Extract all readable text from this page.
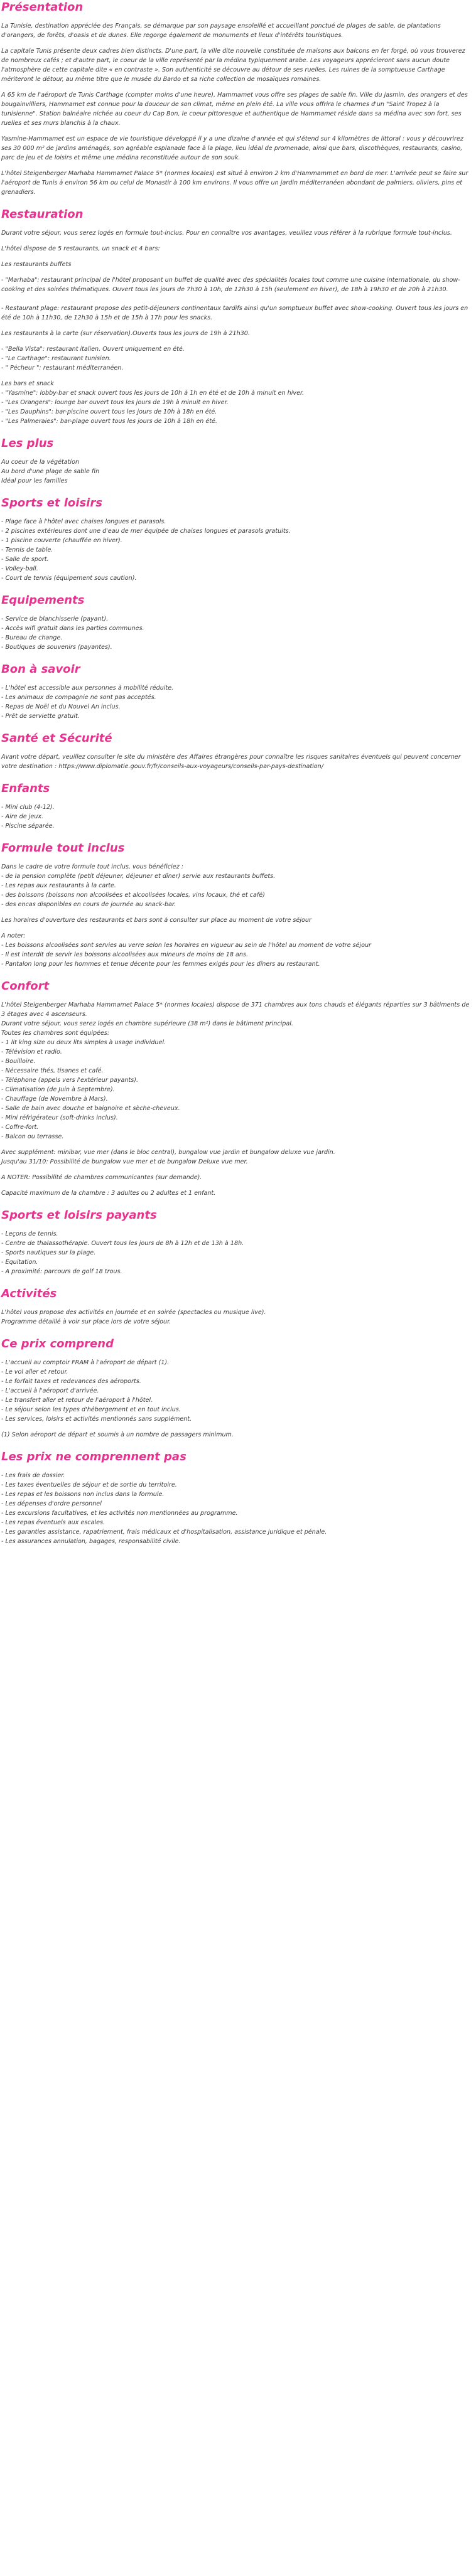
Présentation

La Tunisie, destination appréciée des Français, se démarque par son paysage ensoleillé et accueillant ponctué de plages de sable, de plantations d'orangers, de forêts, d'oasis et de dunes. Elle regorge également de monuments et lieux d'intérêts touristiques.

La capitale Tunis présente deux cadres bien distincts. D'une part, la ville dite nouvelle constituée de maisons aux balcons en fer forgé, où vous trouverez de nombreux cafés ; et d'autre part, le coeur de la ville représenté par la médina typiquement arabe. Les voyageurs apprécieront sans aucun doute l'atmosphère de cette capitale dite « en contraste ». Son authenticité se découvre au détour de ses ruelles. Les ruines de la somptueuse Carthage mériteront le détour, au même titre que le musée du Bardo et sa riche collection de mosaïques romaines.

A 65 km de l'aéroport de Tunis Carthage (compter moins d'une heure), Hammamet vous offre ses plages de sable fin. Ville du jasmin, des orangers et des bougainvilliers, Hammamet est connue pour la douceur de son climat, même en plein été. La ville vous offrira le charmes d'un "Saint Tropez à la tunisienne". Station balnéaire nichée au coeur du Cap Bon, le coeur pittoresque et authentique de Hammamet réside dans sa médina avec son fort, ses ruelles et ses murs blanchis à la chaux.

Yasmine-Hammamet est un espace de vie touristique développé il y a une dizaine d'année et qui s'étend sur 4 kilomètres de littoral : vous y découvrirez ses 30 000 m² de jardins aménagés, son agréable esplanade face à la plage, lieu idéal de promenade, ainsi que bars, discothèques, restaurants, casino, parc de jeu et de loisirs et même une médina reconstituée autour de son souk.

L'hôtel Steigenberger Marhaba Hammamet Palace 5* (normes locales) est situé à environ 2 km d'Hammammet en bord de mer. L'arrivée peut se faire sur l'aéroport de Tunis à environ 56 km ou celui de Monastir à 100 km environs. Il vous offre un jardin méditerranéen abondant de palmiers, oliviers, pins et grenadiers.

Restauration

Durant votre séjour, vous serez logés en formule tout-inclus. Pour en connaître vos avantages, veuillez vous référer à la rubrique formule tout-inclus.

L'hôtel dispose de 5 restaurants, un snack et 4 bars:

Les restaurants buffets

- "Marhaba": restaurant principal de l'hôtel proposant un buffet de qualité avec des spécialités locales tout comme une cuisine internationale, du show-cooking et des soirées thématiques. Ouvert tous les jours de 7h30 à 10h, de 12h30 à 15h (seulement en hiver), de 18h à 19h30 et de 20h à 21h30.
- Restaurant plage: restaurant propose des petit-déjeuners continentaux tardifs ainsi qu'un somptueux buffet avec show-cooking. Ouvert tous les jours en été de 10h à 11h30, de 12h30 à 15h et de 15h à 17h pour les snacks.

Les restaurants à la carte (sur réservation).Ouverts tous les jours de 19h à 21h30.

- "Bella Vista": restaurant italien. Ouvert uniquement en été.
- "Le Carthage": restaurant tunisien.
- " Pécheur ": restaurant méditerranéen.
Les bars et snack
- "Yasmine": lobby-bar et snack ouvert tous les jours de 10h à 1h en été et de 10h à minuit en hiver.
- "Les Orangers": lounge bar ouvert tous les jours de 19h à minuit en hiver.
- "Les Dauphins": bar-piscine ouvert tous les jours de 10h à 18h en été.
- "Les Palmeraies": bar-plage ouvert tous les jours de 10h à 18h en été.
Les plus
Au coeur de la végétation
Au bord d'une plage de sable fin
Idéal pour les familles
Sports et loisirs
- Plage face à l'hôtel avec chaises longues et parasols.
- 2 piscines extérieures dont une d'eau de mer équipée de chaises longues et parasols gratuits.
- 1 piscine couverte (chauffée en hiver).
- Tennis de table.
- Salle de sport.
- Volley-ball.
- Court de tennis (équipement sous caution).
Equipements
- Service de blanchisserie (payant).
- Accès wifi gratuit dans les parties communes.
- Bureau de change.
- Boutiques de souvenirs (payantes).
Bon à savoir
- L'hôtel est accessible aux personnes à mobilité réduite.
- Les animaux de compagnie ne sont pas acceptés.
- Repas de Noël et du Nouvel An inclus.
- Prêt de serviette gratuit.
Santé et Sécurité

Avant votre départ, veuillez consulter le site du ministère des Affaires étrangères pour connaître les risques sanitaires éventuels qui peuvent concerner votre destination : https://www.diplomatie.gouv.fr/fr/conseils-aux-voyageurs/conseils-par-pays-destination/

Enfants
- Mini club (4-12).
- Aire de jeux.
- Piscine séparée.
Formule tout inclus
Dans le cadre de votre formule tout inclus, vous bénéficiez :
- de la pension complète (petit déjeuner, déjeuner et dîner) servie aux restaurants buffets.
- Les repas aux restaurants à la carte.
- des boissons (boissons non alcoolisées et alcoolisées locales, vins locaux, thé et café)
- des encas disponibles en cours de journée au snack-bar.

Les horaires d'ouverture des restaurants et bars sont à consulter sur place au moment de votre séjour

A noter:
- Les boissons alcoolisées sont servies au verre selon les horaires en vigueur au sein de l'hôtel au moment de votre séjour
- Il est interdit de servir les boissons alcoolisées aux mineurs de moins de 18 ans.
- Pantalon long pour les hommes et tenue décente pour les femmes exigés pour les dîners au restaurant.
Confort
L'hôtel Steigenberger Marhaba Hammamet Palace 5* (normes locales) dispose de 371 chambres aux tons chauds et élégants réparties sur 3 bâtiments de 3 étages avec 4 ascenseurs.
Durant votre séjour, vous serez logés en chambre supérieure (38 m²) dans le bâtiment principal.
Toutes les chambres sont équipées:
- 1 lit king size ou deux lits simples à usage individuel.
- Télévision et radio.
- Bouilloire.
- Nécessaire thés, tisanes et café.
- Téléphone (appels vers l'extérieur payants).
- Climatisation (de Juin à Septembre).
- Chauffage (de Novembre à Mars).
- Salle de bain avec douche et baignoire et sèche-cheveux.
- Mini réfrigérateur (soft-drinks inclus).
- Coffre-fort.
- Balcon ou terrasse.
Avec supplément: minibar, vue mer (dans le bloc central), bungalow vue jardin et bungalow deluxe vue jardin.
Jusqu'au 31/10: Possibilité de bungalow vue mer et de bungalow Deluxe vue mer.

A NOTER: Possibilité de chambres communicantes (sur demande).

Capacité maximum de la chambre : 3 adultes ou 2 adultes et 1 enfant.

Sports et loisirs payants
- Leçons de tennis.
- Centre de thalassothérapie. Ouvert tous les jours de 8h à 12h et de 13h à 18h.
- Sports nautiques sur la plage.
- Equitation.
- A proximité: parcours de golf 18 trous.
Activités
L'hôtel vous propose des activités en journée et en soirée (spectacles ou musique live).
Programme détaillé à voir sur place lors de votre séjour.
Ce prix comprend
- L'accueil au comptoir FRAM à l'aéroport de départ (1).
- Le vol aller et retour.
- Le forfait taxes et redevances des aéroports.
- L'accueil à l'aéroport d'arrivée.
- Le transfert aller et retour de l'aéroport à l'hôtel.
- Le séjour selon les types d'hébergement et en tout inclus.
- Les services, loisirs et activités mentionnés sans supplément.

(1) Selon aéroport de départ et soumis à un nombre de passagers minimum.

Les prix ne comprennent pas
- Les frais de dossier.
- Les taxes éventuelles de séjour et de sortie du territoire.
- Les repas et les boissons non inclus dans la formule.
- Les dépenses d'ordre personnel
- Les excursions facultatives, et les activités non mentionnées au programme.
- Les repas éventuels aux escales.
- Les garanties assistance, rapatriement, frais médicaux et d'hospitalisation, assistance juridique et pénale.
- Les assurances annulation, bagages, responsabilité civile.
